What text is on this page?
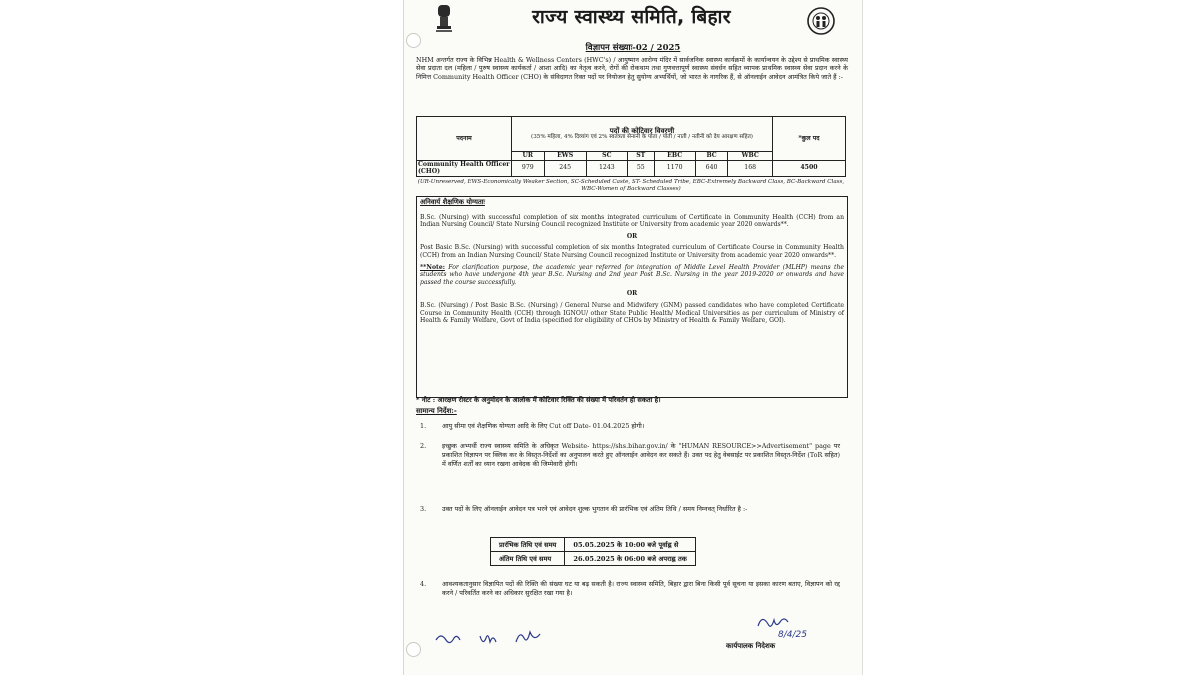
राज्य स्वास्थ्य समिति, बिहार
विज्ञापन संख्याः-02 / 2025
NHM अन्तर्गत राज्य के विभिन्न Health & Wellness Centers (HWC's) / आयुष्मान आरोग्य मंदिर में सार्वजनिक स्वास्थ्य कार्यक्रमों के कार्यान्वयन के उद्देश्य से प्राथमिक स्वास्थ्य सेवा प्रदाता दल (महिला / पुरुष स्वास्थ्य कार्यकर्ता / आशा आदि) का नेतृत्व करने, रोगों की रोकथाम तथा गुणवत्तापूर्ण स्वास्थ्य संवर्धन सहित व्यापक प्राथमिक स्वास्थ्य सेवा प्रदान करने के निमित्त Community Health Officer (CHO) के संविदागत रिक्त पदों पर नियोजन हेतु सुयोग्य अभ्यर्थियों, जो भारत के नागरिक हैं, से ऑनलाईन आवेदन आमंत्रित किये जाते हैं :-
पदनाम	पदों की कोटिवार विवरणी
(35% महिला, 4% दिव्यांग एवं 2% स्वतंत्रता सेनानी के पोता / पोती / नाती / नतीनी को देय आरक्षण सहित)							*कुल पद
	UR	EWS	SC	ST	EBC	BC	WBC	
Community Health Officer (CHO)	979	245	1243	55	1170	640	168	4500
(UR-Unreserved, EWS-Economically Weaker Section, SC-Scheduled Caste, ST- Scheduled Tribe, EBC-Extremely Backward Class, BC-Backward Class, WBC-Women of Backward Classes)
अनिवार्य शैक्षणिक योग्यताः

B.Sc. (Nursing) with successful completion of six months integrated curriculum of Certificate in Community Health (CCH) from an Indian Nursing Council/ State Nursing Council recognized Institute or University from academic year 2020 onwards**.

OR

Post Basic B.Sc. (Nursing) with successful completion of six months Integrated curriculum of Certificate Course in Community Health (CCH) from an Indian Nursing Council/ State Nursing Council recognized Institute or University from academic year 2020 onwards**.

**Note: For clarification purpose, the academic year referred for integration of Middle Level Health Provider (MLHP) means the students who have undergone 4th year B.Sc. Nursing and 2nd year Post B.Sc. Nursing in the year 2019-2020 or onwards and have passed the course successfully.

OR

B.Sc. (Nursing) / Post Basic B.Sc. (Nursing) / General Nurse and Midwifery (GNM) passed candidates who have completed Certificate Course in Community Health (CCH) through IGNOU/ other State Public Health/ Medical Universities as per curriculum of Ministry of Health & Family Welfare, Govt of India (specified for eligibility of CHOs by Ministry of Health & Family Welfare, GOI).

* नोट : आरक्षण रोस्टर के अनुमोदन के आलोक में कोटिवार रिक्ति की संख्या में परिवर्तन हो सकता है।
सामान्य निर्देश:-
1.	आयु सीमा एवं शैक्षणिक योग्यता आदि के लिए Cut off Date- 01.04.2025 होगी।
2.	इच्छुक अभ्यर्थी राज्य स्वास्थ्य समिति के अधिकृत Website- https://shs.bihar.gov.in/ के "HUMAN RESOURCE>>Advertisement" page पर प्रकाशित विज्ञापन पर क्लिक कर के विस्तृत-निर्देशों का अनुपालन करते हुए ऑनलाईन आवेदन कर सकते हैं। उक्त पद हेतु वेबसाईट पर प्रकाशित विस्तृत-निर्देश (ToR सहित) में वर्णित शर्तों का ध्यान रखना आवेदक की जिम्मेवारी होगी।
3.	उक्त पदों के लिए ऑनलाईन आवेदन पत्र भरने एवं आवेदन शुल्क भुगतान की प्रारंभिक एवं अंतिम तिथि / समय निम्नवत् निर्धारित है :-
प्रारंभिक तिथि एवं समय	05.05.2025 के 10:00 बजे पूर्वाह्न से
अंतिम तिथि एवं समय	26.05.2025 के 06:00 बजे अपराह्न तक
4.	आवश्यकतानुसार विज्ञापित पदों की रिक्ति की संख्या घट या बढ़ सकती है। राज्य स्वास्थ्य समिति, बिहार द्वारा बिना किसी पूर्व सूचना या इसका कारण बताए, विज्ञापन को रद्द करने / परिवर्तित करने का अधिकार सुरक्षित रखा गया है।
8/4/25
Suhash
कार्यपालक निदेशक
